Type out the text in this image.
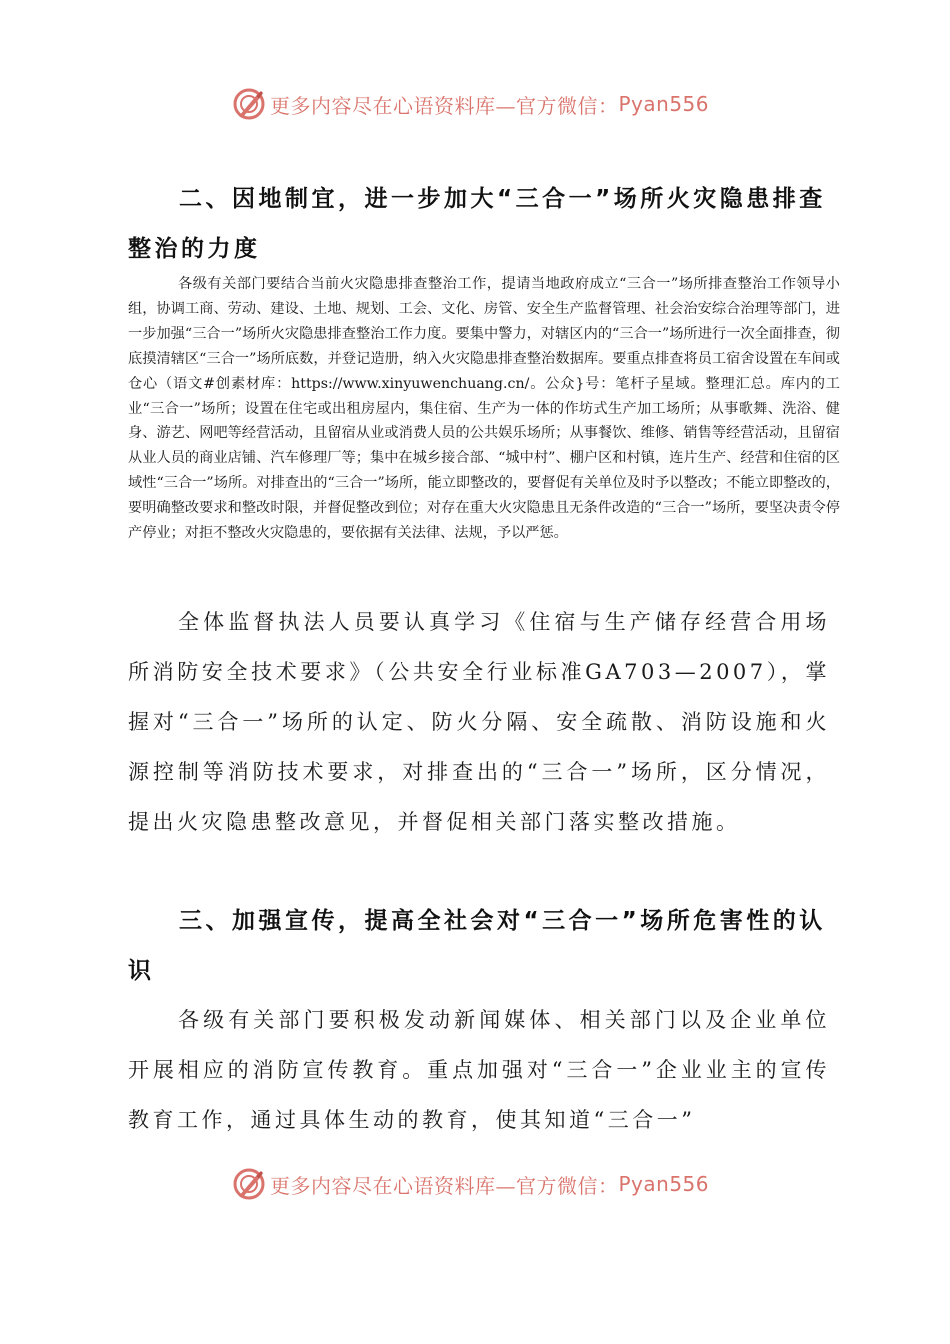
更多内容尽在心语资料库—官方微信： Pyan556
二、因地制宜，进一步加大“三合一”场所火灾隐患排查整治的力度

各级有关部门要结合当前火灾隐患排查整治工作，提请当地政府成立“三合一”场所排查整治工作领导小组，协调工商、劳动、建设、土地、规划、工会、文化、房管、安全生产监督管理、社会治安综合治理等部门，进一步加强“三合一”场所火灾隐患排查整治工作力度。要集中警力，对辖区内的“三合一”场所进行一次全面排查，彻底摸清辖区“三合一”场所底数，并登记造册，纳入火灾隐患排查整治数据库。要重点排查将员工宿舍设置在车间或仓心（语文#创素材库：https://www.xinyuwenchuang.cn/。公众}号：笔杆子星域。整理汇总。库内的工业“三合一”场所；设置在住宅或出租房屋内，集住宿、生产为一体的作坊式生产加工场所；从事歌舞、洗浴、健身、游艺、网吧等经营活动，且留宿从业或消费人员的公共娱乐场所；从事餐饮、维修、销售等经营活动，且留宿从业人员的商业店铺、汽车修理厂等；集中在城乡接合部、“城中村”、棚户区和村镇，连片生产、经营和住宿的区域性“三合一”场所。对排查出的“三合一”场所，能立即整改的，要督促有关单位及时予以整改；不能立即整改的，要明确整改要求和整改时限，并督促整改到位；对存在重大火灾隐患且无条件改造的“三合一”场所，要坚决责令停产停业；对拒不整改火灾隐患的，要依据有关法律、法规，予以严惩。

全体监督执法人员要认真学习《住宿与生产储存经营合用场所消防安全技术要求》（公共安全行业标准GA703—2007），掌握对“三合一”场所的认定、防火分隔、安全疏散、消防设施和火源控制等消防技术要求，对排查出的“三合一”场所，区分情况，提出火灾隐患整改意见，并督促相关部门落实整改措施。

三、加强宣传，提高全社会对“三合一”场所危害性的认识

各级有关部门要积极发动新闻媒体、相关部门以及企业单位开展相应的消防宣传教育。重点加强对“三合一”企业业主的宣传教育工作，通过具体生动的教育，使其知道“三合一”

更多内容尽在心语资料库—官方微信： Pyan556
